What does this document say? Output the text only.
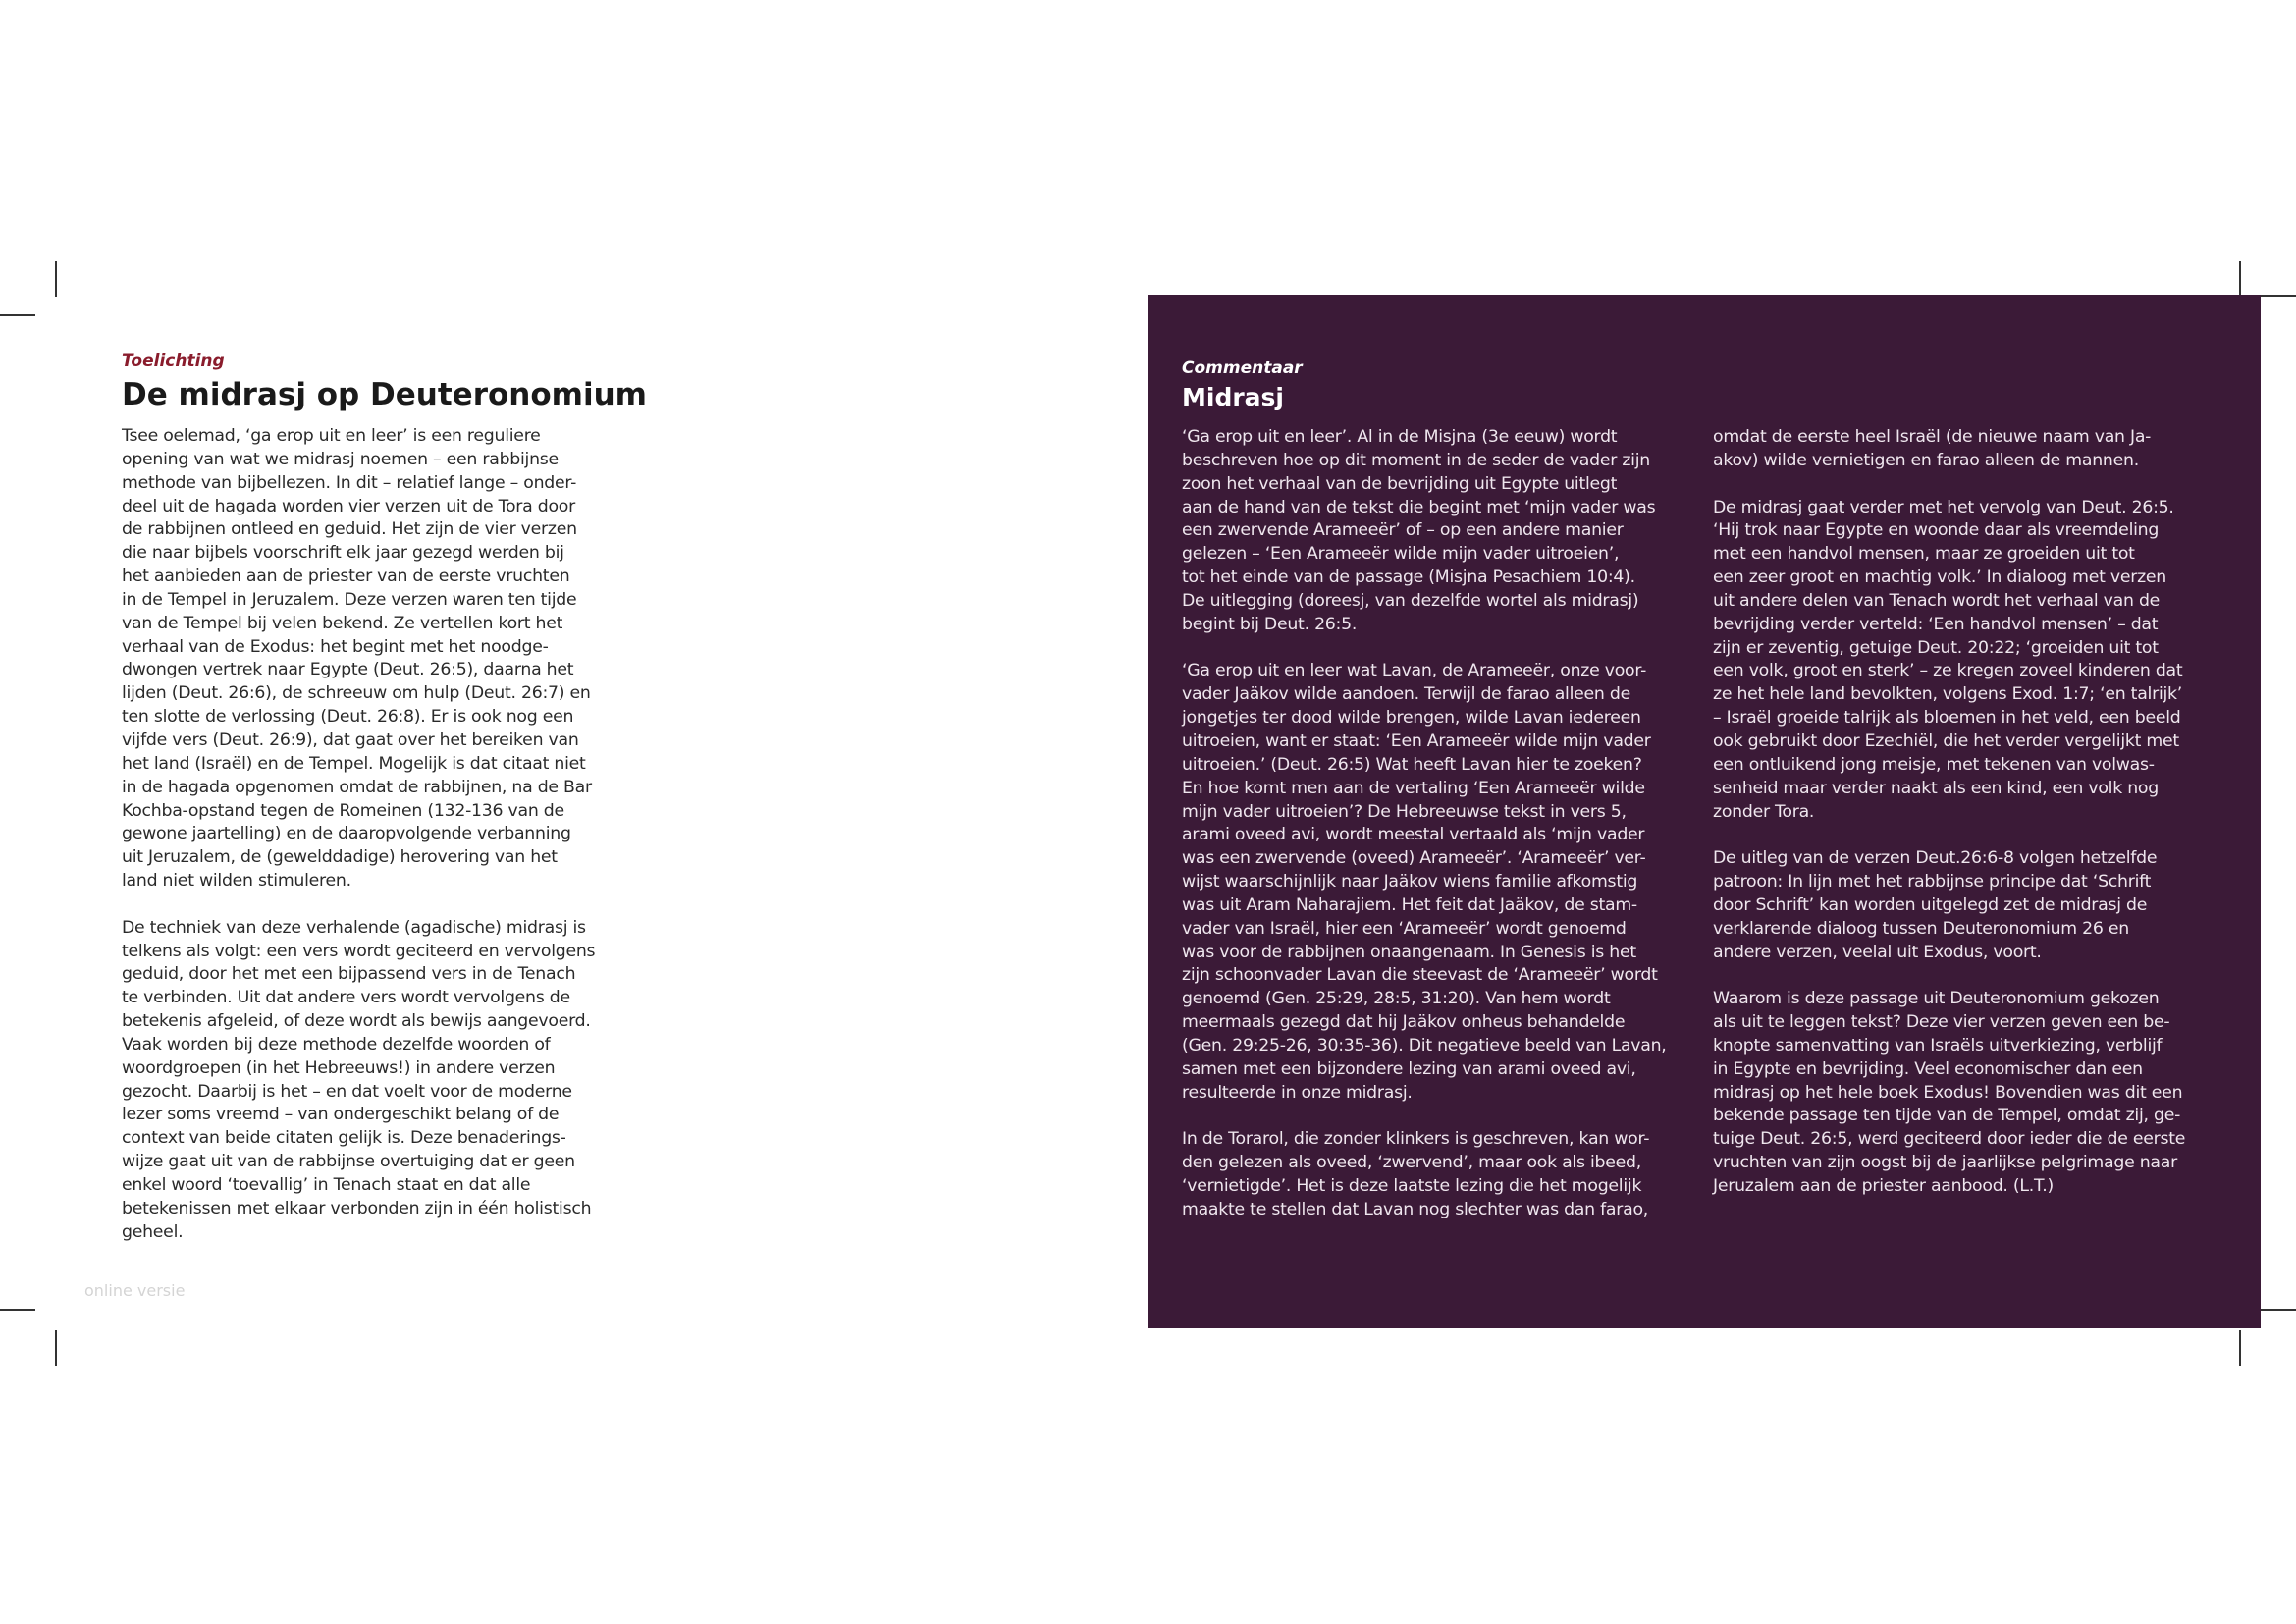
Toelichting

De midrasj op Deuteronomium
Tsee oelemad, ‘ga erop uit en leer’ is een reguliere
opening van wat we midrasj noemen – een rabbijnse
methode van bijbellezen. In dit – relatief lange – onder-
deel uit de hagada worden vier verzen uit de Tora door
de rabbijnen ontleed en geduid. Het zijn de vier verzen
die naar bijbels voorschrift elk jaar gezegd werden bij
het aanbieden aan de priester van de eerste vruchten
in de Tempel in Jeruzalem. Deze verzen waren ten tijde
van de Tempel bij velen bekend. Ze vertellen kort het
verhaal van de Exodus: het begint met het noodge-
dwongen vertrek naar Egypte (Deut. 26:5), daarna het
lijden (Deut. 26:6), de schreeuw om hulp (Deut. 26:7) en
ten slotte de verlossing (Deut. 26:8). Er is ook nog een
vijfde vers (Deut. 26:9), dat gaat over het bereiken van
het land (Israël) en de Tempel. Mogelijk is dat citaat niet
in de hagada opgenomen omdat de rabbijnen, na de Bar
Kochba-opstand tegen de Romeinen (132-136 van de
gewone jaartelling) en de daaropvolgende verbanning
uit Jeruzalem, de (gewelddadige) herovering van het
land niet wilden stimuleren.
De techniek van deze verhalende (agadische) midrasj is
telkens als volgt: een vers wordt geciteerd en vervolgens
geduid, door het met een bijpassend vers in de Tenach
te verbinden. Uit dat andere vers wordt vervolgens de
betekenis afgeleid, of deze wordt als bewijs aangevoerd.
Vaak worden bij deze methode dezelfde woorden of
woordgroepen (in het Hebreeuws!) in andere verzen
gezocht. Daarbij is het – en dat voelt voor de moderne
lezer soms vreemd – van ondergeschikt belang of de
context van beide citaten gelijk is. Deze benaderings-
wijze gaat uit van de rabbijnse overtuiging dat er geen
enkel woord ‘toevallig’ in Tenach staat en dat alle
betekenissen met elkaar verbonden zijn in één holistisch
geheel.
online versie

Commentaar

Midrasj
‘Ga erop uit en leer’. Al in de Misjna (3e eeuw) wordt
beschreven hoe op dit moment in de seder de vader zijn
zoon het verhaal van de bevrijding uit Egypte uitlegt
aan de hand van de tekst die begint met ‘mijn vader was
een zwervende Arameeër’ of – op een andere manier
gelezen – ‘Een Arameeër wilde mijn vader uitroeien’,
tot het einde van de passage (Misjna Pesachiem 10:4).
De uitlegging (doreesj, van dezelfde wortel als midrasj)
begint bij Deut. 26:5.
‘Ga erop uit en leer wat Lavan, de Arameeër, onze voor-
vader Jaäkov wilde aandoen. Terwijl de farao alleen de
jongetjes ter dood wilde brengen, wilde Lavan iedereen
uitroeien, want er staat: ‘Een Arameeër wilde mijn vader
uitroeien.’ (Deut. 26:5) Wat heeft Lavan hier te zoeken?
En hoe komt men aan de vertaling ‘Een Arameeër wilde
mijn vader uitroeien’? De Hebreeuwse tekst in vers 5,
arami oveed avi, wordt meestal vertaald als ‘mijn vader
was een zwervende (oveed) Arameeër’. ‘Arameeër’ ver-
wijst waarschijnlijk naar Jaäkov wiens familie afkomstig
was uit Aram Naharajiem. Het feit dat Jaäkov, de stam-
vader van Israël, hier een ‘Arameeër’ wordt genoemd
was voor de rabbijnen onaangenaam. In Genesis is het
zijn schoonvader Lavan die steevast de ‘Arameeër’ wordt
genoemd (Gen. 25:29, 28:5, 31:20). Van hem wordt
meermaals gezegd dat hij Jaäkov onheus behandelde
(Gen. 29:25-26, 30:35-36). Dit negatieve beeld van Lavan,
samen met een bijzondere lezing van arami oveed avi,
resulteerde in onze midrasj.
In de Torarol, die zonder klinkers is geschreven, kan wor-
den gelezen als oveed, ‘zwervend’, maar ook als ibeed,
‘vernietigde’. Het is deze laatste lezing die het mogelijk
maakte te stellen dat Lavan nog slechter was dan farao,
omdat de eerste heel Israël (de nieuwe naam van Ja-
akov) wilde vernietigen en farao alleen de mannen.
De midrasj gaat verder met het vervolg van Deut. 26:5.
‘Hij trok naar Egypte en woonde daar als vreemdeling
met een handvol mensen, maar ze groeiden uit tot
een zeer groot en machtig volk.’ In dialoog met verzen
uit andere delen van Tenach wordt het verhaal van de
bevrijding verder verteld: ‘Een handvol mensen’ – dat
zijn er zeventig, getuige Deut. 20:22; ‘groeiden uit tot
een volk, groot en sterk’ – ze kregen zoveel kinderen dat
ze het hele land bevolkten, volgens Exod. 1:7; ‘en talrijk’
– Israël groeide talrijk als bloemen in het veld, een beeld
ook gebruikt door Ezechiël, die het verder vergelijkt met
een ontluikend jong meisje, met tekenen van volwas-
senheid maar verder naakt als een kind, een volk nog
zonder Tora.
De uitleg van de verzen Deut.26:6-8 volgen hetzelfde
patroon: In lijn met het rabbijnse principe dat ‘Schrift
door Schrift’ kan worden uitgelegd zet de midrasj de
verklarende dialoog tussen Deuteronomium 26 en
andere verzen, veelal uit Exodus, voort.
Waarom is deze passage uit Deuteronomium gekozen
als uit te leggen tekst? Deze vier verzen geven een be-
knopte samenvatting van Israëls uitverkiezing, verblijf
in Egypte en bevrijding. Veel economischer dan een
midrasj op het hele boek Exodus! Bovendien was dit een
bekende passage ten tijde van de Tempel, omdat zij, ge-
tuige Deut. 26:5, werd geciteerd door ieder die de eerste
vruchten van zijn oogst bij de jaarlijkse pelgrimage naar
Jeruzalem aan de priester aanbood. (L.T.)
